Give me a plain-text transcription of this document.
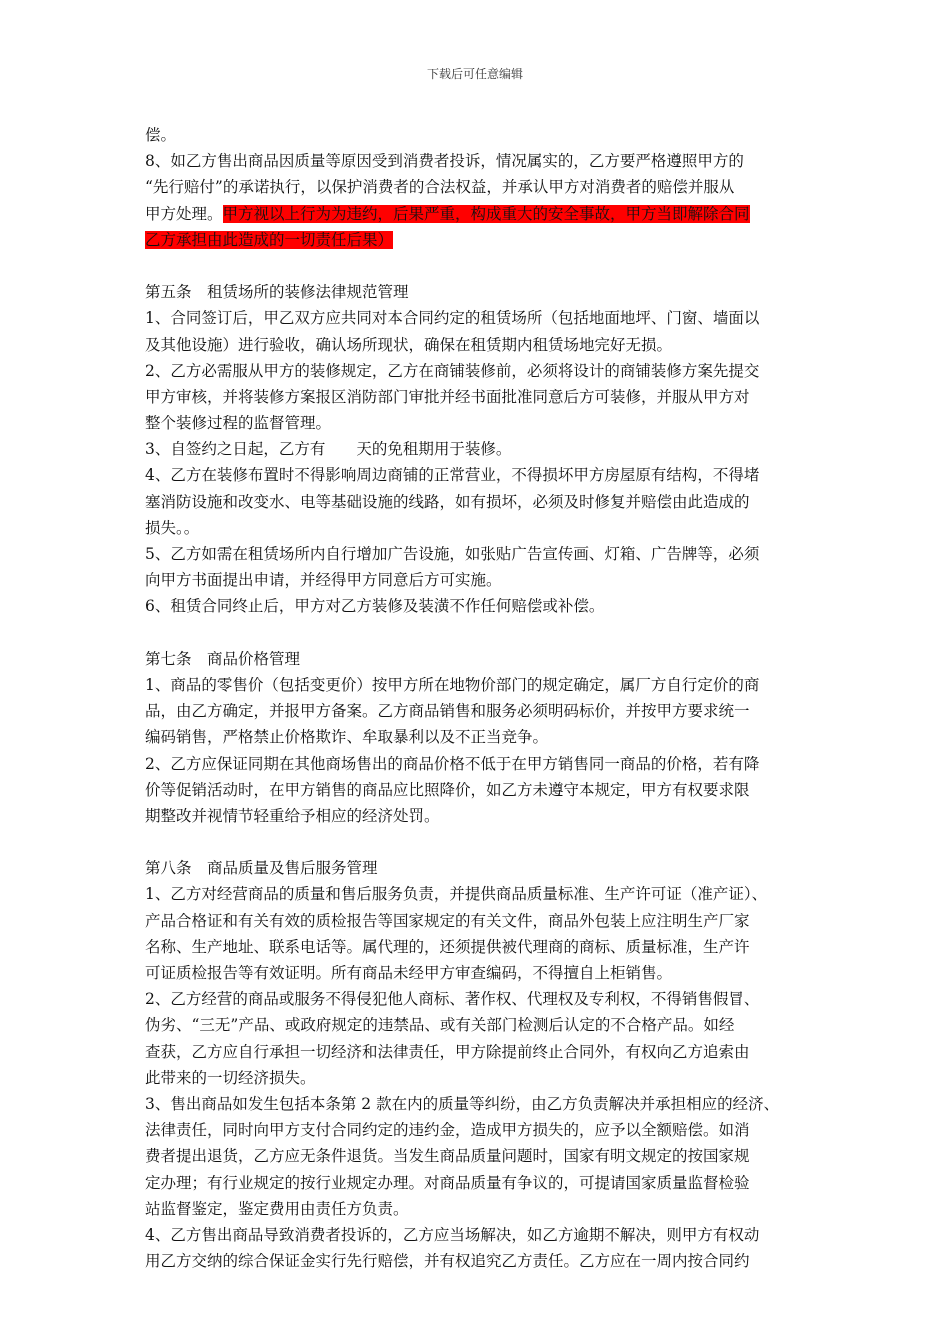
下载后可任意编辑
偿。
8、如乙方售出商品因质量等原因受到消费者投诉，情况属实的，乙方要严格遵照甲方的
“先行赔付”的承诺执行，以保护消费者的合法权益，并承认甲方对消费者的赔偿并服从
甲方处理。甲方视以上行为为违约，后果严重，构成重大的安全事故，甲方当即解除合同
乙方承担由此造成的一切责任后果）
第五条　租赁场所的装修法律规范管理
1、合同签订后，甲乙双方应共同对本合同约定的租赁场所（包括地面地坪、门窗、墙面以
及其他设施）进行验收，确认场所现状，确保在租赁期内租赁场地完好无损。
2、乙方必需服从甲方的装修规定，乙方在商铺装修前，必须将设计的商铺装修方案先提交
甲方审核，并将装修方案报区消防部门审批并经书面批准同意后方可装修，并服从甲方对
整个装修过程的监督管理。
3、自签约之日起，乙方有　　天的免租期用于装修。
4、乙方在装修布置时不得影响周边商铺的正常营业，不得损坏甲方房屋原有结构，不得堵
塞消防设施和改变水、电等基础设施的线路，如有损坏，必须及时修复并赔偿由此造成的
损失。。
5、乙方如需在租赁场所内自行增加广告设施，如张贴广告宣传画、灯箱、广告牌等，必须
向甲方书面提出申请，并经得甲方同意后方可实施。
6、租赁合同终止后，甲方对乙方装修及装潢不作任何赔偿或补偿。
第七条　商品价格管理
1、商品的零售价（包括变更价）按甲方所在地物价部门的规定确定，属厂方自行定价的商
品，由乙方确定，并报甲方备案。乙方商品销售和服务必须明码标价，并按甲方要求统一
编码销售，严格禁止价格欺诈、牟取暴利以及不正当竞争。
2、乙方应保证同期在其他商场售出的商品价格不低于在甲方销售同一商品的价格，若有降
价等促销活动时，在甲方销售的商品应比照降价，如乙方未遵守本规定，甲方有权要求限
期整改并视情节轻重给予相应的经济处罚。
第八条　商品质量及售后服务管理
1、乙方对经营商品的质量和售后服务负责，并提供商品质量标准、生产许可证（准产证）、
产品合格证和有关有效的质检报告等国家规定的有关文件，商品外包装上应注明生产厂家
名称、生产地址、联系电话等。属代理的，还须提供被代理商的商标、质量标准，生产许
可证质检报告等有效证明。所有商品未经甲方审查编码，不得擅自上柜销售。
2、乙方经营的商品或服务不得侵犯他人商标、著作权、代理权及专利权，不得销售假冒、
伪劣、“三无”产品、或政府规定的违禁品、或有关部门检测后认定的不合格产品。如经
查获，乙方应自行承担一切经济和法律责任，甲方除提前终止合同外，有权向乙方追索由
此带来的一切经济损失。
3、售出商品如发生包括本条第 2 款在内的质量等纠纷，由乙方负责解决并承担相应的经济、
法律责任，同时向甲方支付合同约定的违约金，造成甲方损失的，应予以全额赔偿。如消
费者提出退货，乙方应无条件退货。当发生商品质量问题时，国家有明文规定的按国家规
定办理；有行业规定的按行业规定办理。对商品质量有争议的，可提请国家质量监督检验
站监督鉴定，鉴定费用由责任方负责。
4、乙方售出商品导致消费者投诉的，乙方应当场解决，如乙方逾期不解决，则甲方有权动
用乙方交纳的综合保证金实行先行赔偿，并有权追究乙方责任。乙方应在一周内按合同约
